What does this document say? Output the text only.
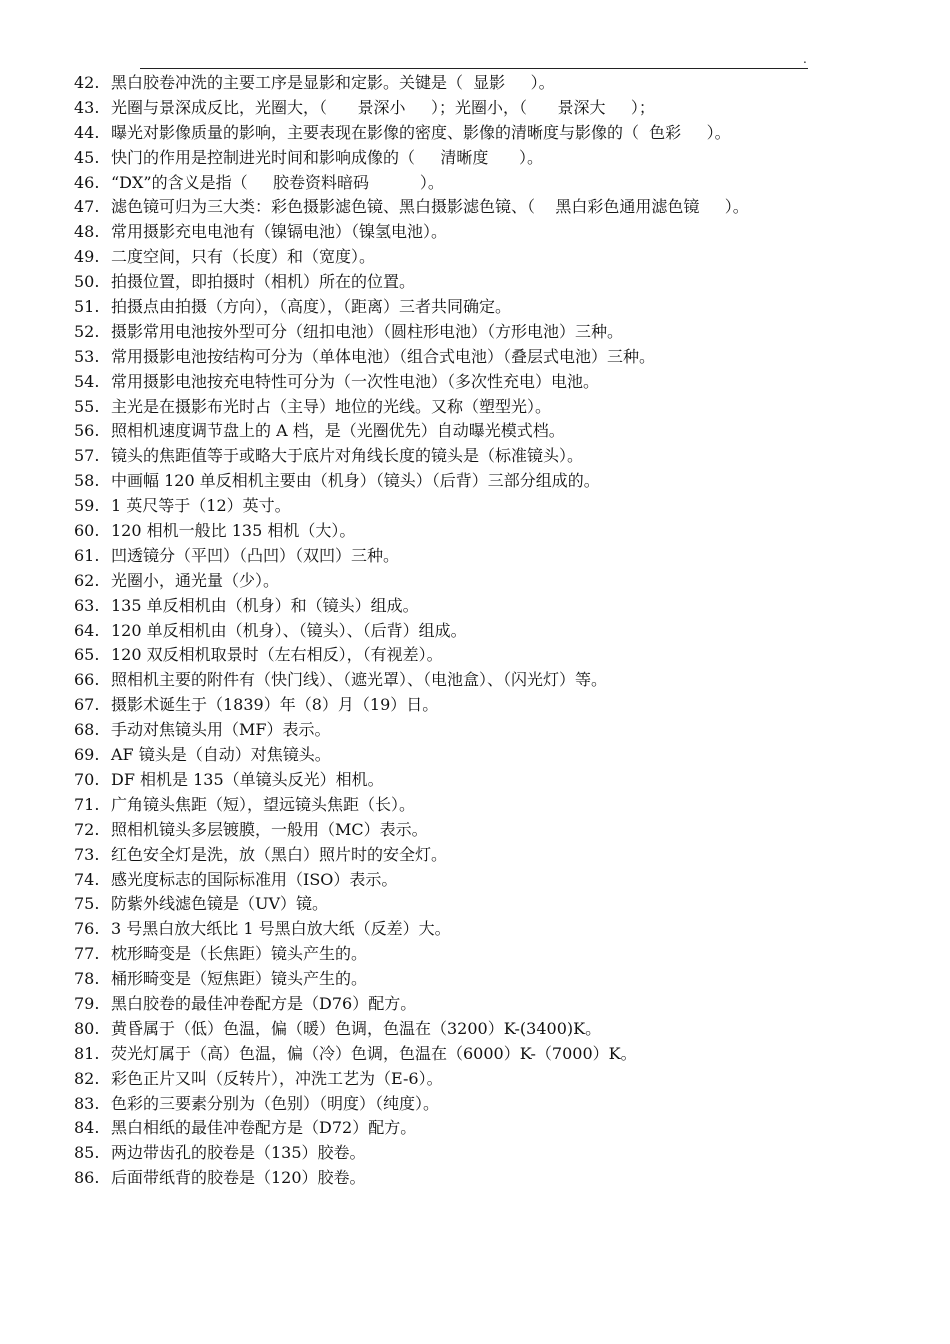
.
42. 黑白胶卷冲洗的主要工序是显影和定影。关键是（  显影     ）。
43. 光圈与景深成反比，光圈大，（      景深小     ）；光圈小，（      景深大     ）；
44. 曝光对影像质量的影响，主要表现在影像的密度、影像的清晰度与影像的（  色彩     ）。
45. 快门的作用是控制进光时间和影响成像的（     清晰度      ）。
46. “DX”的含义是指（     胶卷资料暗码          ）。
47. 滤色镜可归为三大类：彩色摄影滤色镜、黑白摄影滤色镜、（    黑白彩色通用滤色镜     ）。
48. 常用摄影充电电池有（镍镉电池）（镍氢电池）。
49. 二度空间，只有（长度）和（宽度）。
50. 拍摄位置，即拍摄时（相机）所在的位置。
51. 拍摄点由拍摄（方向），（高度），（距离）三者共同确定。
52. 摄影常用电池按外型可分（纽扣电池）（圆柱形电池）（方形电池）三种。
53. 常用摄影电池按结构可分为（单体电池）（组合式电池）（叠层式电池）三种。
54. 常用摄影电池按充电特性可分为（一次性电池）（多次性充电）电池。
55. 主光是在摄影布光时占（主导）地位的光线。又称（塑型光）。
56. 照相机速度调节盘上的 A 档，是（光圈优先）自动曝光模式档。
57. 镜头的焦距值等于或略大于底片对角线长度的镜头是（标准镜头）。
58. 中画幅 120 单反相机主要由（机身）（镜头）（后背）三部分组成的。
59. 1 英尺等于（12）英寸。
60. 120 相机一般比 135 相机（大）。
61. 凹透镜分（平凹）（凸凹）（双凹）三种。
62. 光圈小，通光量（少）。
63. 135 单反相机由（机身）和（镜头）组成。
64. 120 单反相机由（机身）、（镜头）、（后背）组成。
65. 120 双反相机取景时（左右相反），（有视差）。
66. 照相机主要的附件有（快门线）、（遮光罩）、（电池盒）、（闪光灯）等。
67. 摄影术诞生于（1839）年（8）月（19）日。
68. 手动对焦镜头用（MF）表示。
69. AF 镜头是（自动）对焦镜头。
70. DF 相机是 135（单镜头反光）相机。
71. 广角镜头焦距（短），望远镜头焦距（长）。
72. 照相机镜头多层镀膜，一般用（MC）表示。
73. 红色安全灯是洗，放（黑白）照片时的安全灯。
74. 感光度标志的国际标准用（ISO）表示。
75. 防紫外线滤色镜是（UV）镜。
76. 3 号黑白放大纸比 1 号黑白放大纸（反差）大。
77. 枕形畸变是（长焦距）镜头产生的。
78. 桶形畸变是（短焦距）镜头产生的。
79. 黑白胶卷的最佳冲卷配方是（D76）配方。
80. 黄昏属于（低）色温，偏（暖）色调，色温在（3200）K-(3400)K。
81. 荧光灯属于（高）色温，偏（冷）色调，色温在（6000）K-（7000）K。
82. 彩色正片又叫（反转片），冲洗工艺为（E-6）。
83. 色彩的三要素分别为（色别）（明度）（纯度）。
84. 黑白相纸的最佳冲卷配方是（D72）配方。
85. 两边带齿孔的胶卷是（135）胶卷。
86. 后面带纸背的胶卷是（120）胶卷。
